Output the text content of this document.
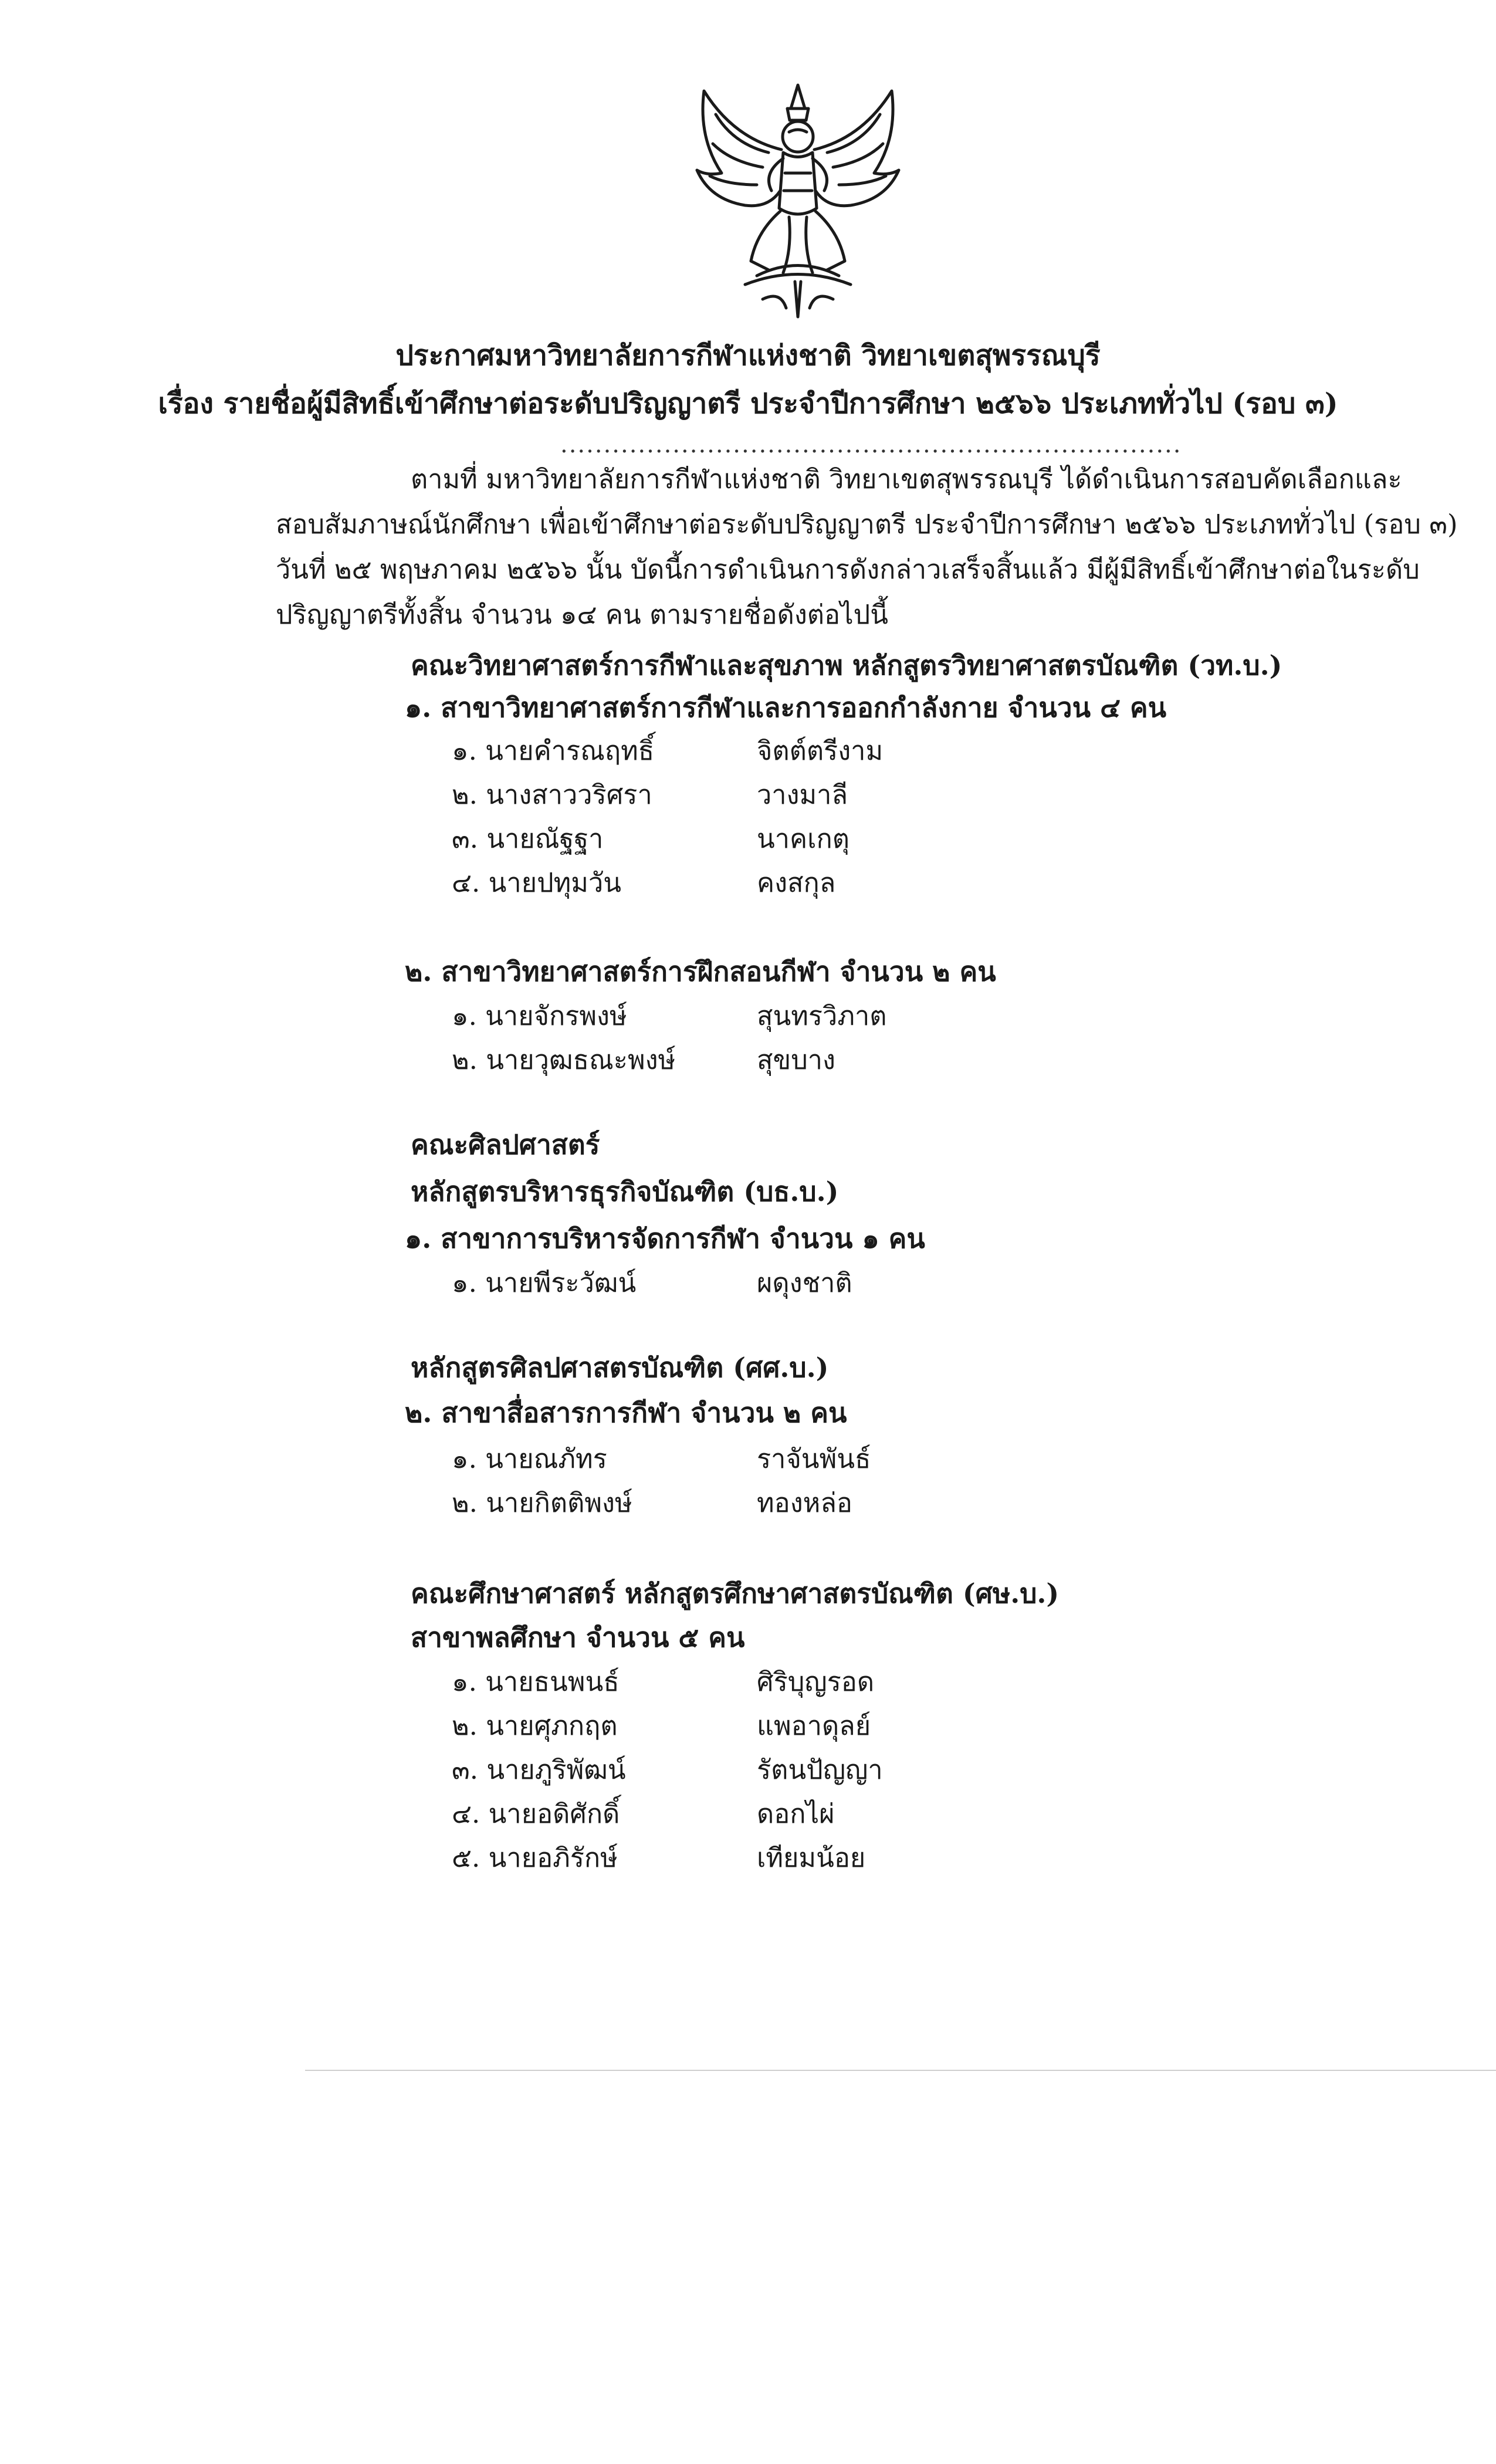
ประกาศมหาวิทยาลัยการกีฬาแห่งชาติ วิทยาเขตสุพรรณบุรี
เรื่อง รายชื่อผู้มีสิทธิ์เข้าศึกษาต่อระดับปริญญาตรี ประจำปีการศึกษา ๒๕๖๖ ประเภททั่วไป (รอบ ๓)
........................................................................
ตามที่ มหาวิทยาลัยการกีฬาแห่งชาติ วิทยาเขตสุพรรณบุรี ได้ดำเนินการสอบคัดเลือกและ
สอบสัมภาษณ์นักศึกษา เพื่อเข้าศึกษาต่อระดับปริญญาตรี ประจำปีการศึกษา ๒๕๖๖ ประเภททั่วไป (รอบ ๓)
วันที่ ๒๕ พฤษภาคม ๒๕๖๖ นั้น บัดนี้การดำเนินการดังกล่าวเสร็จสิ้นแล้ว มีผู้มีสิทธิ์เข้าศึกษาต่อในระดับ
ปริญญาตรีทั้งสิ้น จำนวน ๑๔ คน ตามรายชื่อดังต่อไปนี้
คณะวิทยาศาสตร์การกีฬาและสุขภาพ หลักสูตรวิทยาศาสตรบัณฑิต (วท.บ.)
๑. สาขาวิทยาศาสตร์การกีฬาและการออกกำลังกาย จำนวน ๔ คน
๑. นายคำรณฤทธิ์	จิตต์ตรีงาม
๒. นางสาววริศรา	วางมาลี
๓. นายณัฐฐา	นาคเกตุ
๔. นายปทุมวัน	คงสกุล
๒. สาขาวิทยาศาสตร์การฝึกสอนกีฬา จำนวน ๒ คน
๑. นายจักรพงษ์	สุนทรวิภาต
๒. นายวุฒธณะพงษ์	สุขบาง
คณะศิลปศาสตร์
หลักสูตรบริหารธุรกิจบัณฑิต (บธ.บ.)
๑. สาขาการบริหารจัดการกีฬา จำนวน ๑ คน
๑. นายพีระวัฒน์	ผดุงชาติ
หลักสูตรศิลปศาสตรบัณฑิต (ศศ.บ.)
๒. สาขาสื่อสารการกีฬา จำนวน ๒ คน
๑. นายณภัทร	ราจันพันธ์
๒. นายกิตติพงษ์	ทองหล่อ
คณะศึกษาศาสตร์ หลักสูตรศึกษาศาสตรบัณฑิต (ศษ.บ.)
สาขาพลศึกษา จำนวน ๕ คน
๑. นายธนพนธ์	ศิริบุญรอด
๒. นายศุภกฤต	แพอาดุลย์
๓. นายภูริพัฒน์	รัตนปัญญา
๔. นายอดิศักดิ์	ดอกไผ่
๕. นายอภิรักษ์	เทียมน้อย
